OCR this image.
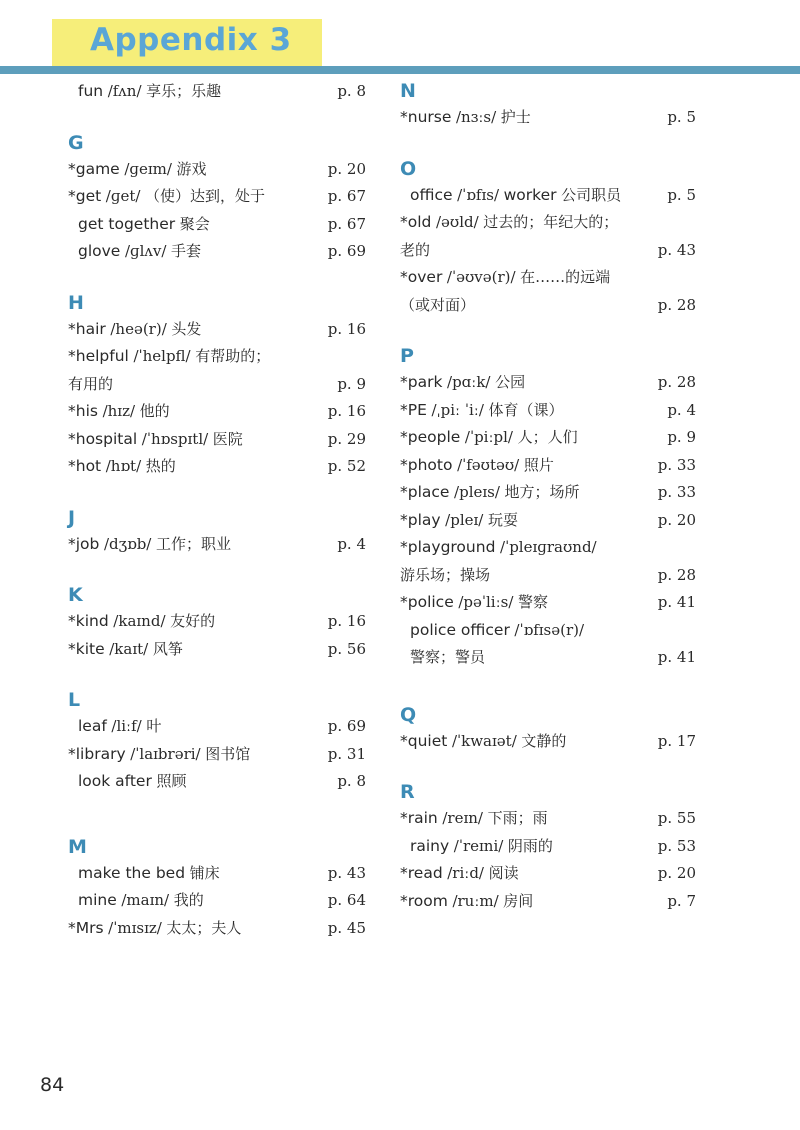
Appendix 3
fun /fʌn/ 享乐；乐趣	p. 8
G
*game /ɡeɪm/ 游戏	p. 20
*get /ɡet/ （使）达到，处于	p. 67
get together 聚会	p. 67
glove /ɡlʌv/ 手套	p. 69
H
*hair /heə(r)/ 头发	p. 16
*helpful /ˈhelpfl/ 有帮助的；
有用的	p. 9
*his /hɪz/ 他的	p. 16
*hospital /ˈhɒspɪtl/ 医院	p. 29
*hot /hɒt/ 热的	p. 52
J
*job /dʒɒb/ 工作；职业	p. 4
K
*kind /kaɪnd/ 友好的	p. 16
*kite /kaɪt/ 风筝	p. 56
L
leaf /liːf/ 叶	p. 69
*library /ˈlaɪbrəri/ 图书馆	p. 31
look after 照顾	p. 8
M
make the bed 铺床	p. 43
mine /maɪn/ 我的	p. 64
*Mrs /ˈmɪsɪz/ 太太；夫人	p. 45
N
*nurse /nɜːs/ 护士	p. 5
O
office /ˈɒfɪs/ worker 公司职员	p. 5
*old /əʊld/ 过去的；年纪大的；
老的	p. 43
*over /ˈəʊvə(r)/ 在……的远端
（或对面）	p. 28
P
*park /pɑːk/ 公园	p. 28
*PE /ˌpiː ˈiː/ 体育（课）	p. 4
*people /ˈpiːpl/ 人；人们	p. 9
*photo /ˈfəʊtəʊ/ 照片	p. 33
*place /pleɪs/ 地方；场所	p. 33
*play /pleɪ/ 玩耍	p. 20
*playground /ˈpleɪɡraʊnd/
游乐场；操场	p. 28
*police /pəˈliːs/ 警察	p. 41
police officer /ˈɒfɪsə(r)/
警察；警员	p. 41
Q
*quiet /ˈkwaɪət/ 文静的	p. 17
R
*rain /reɪn/ 下雨；雨	p. 55
rainy /ˈreɪni/ 阴雨的	p. 53
*read /riːd/ 阅读	p. 20
*room /ruːm/ 房间	p. 7
84
